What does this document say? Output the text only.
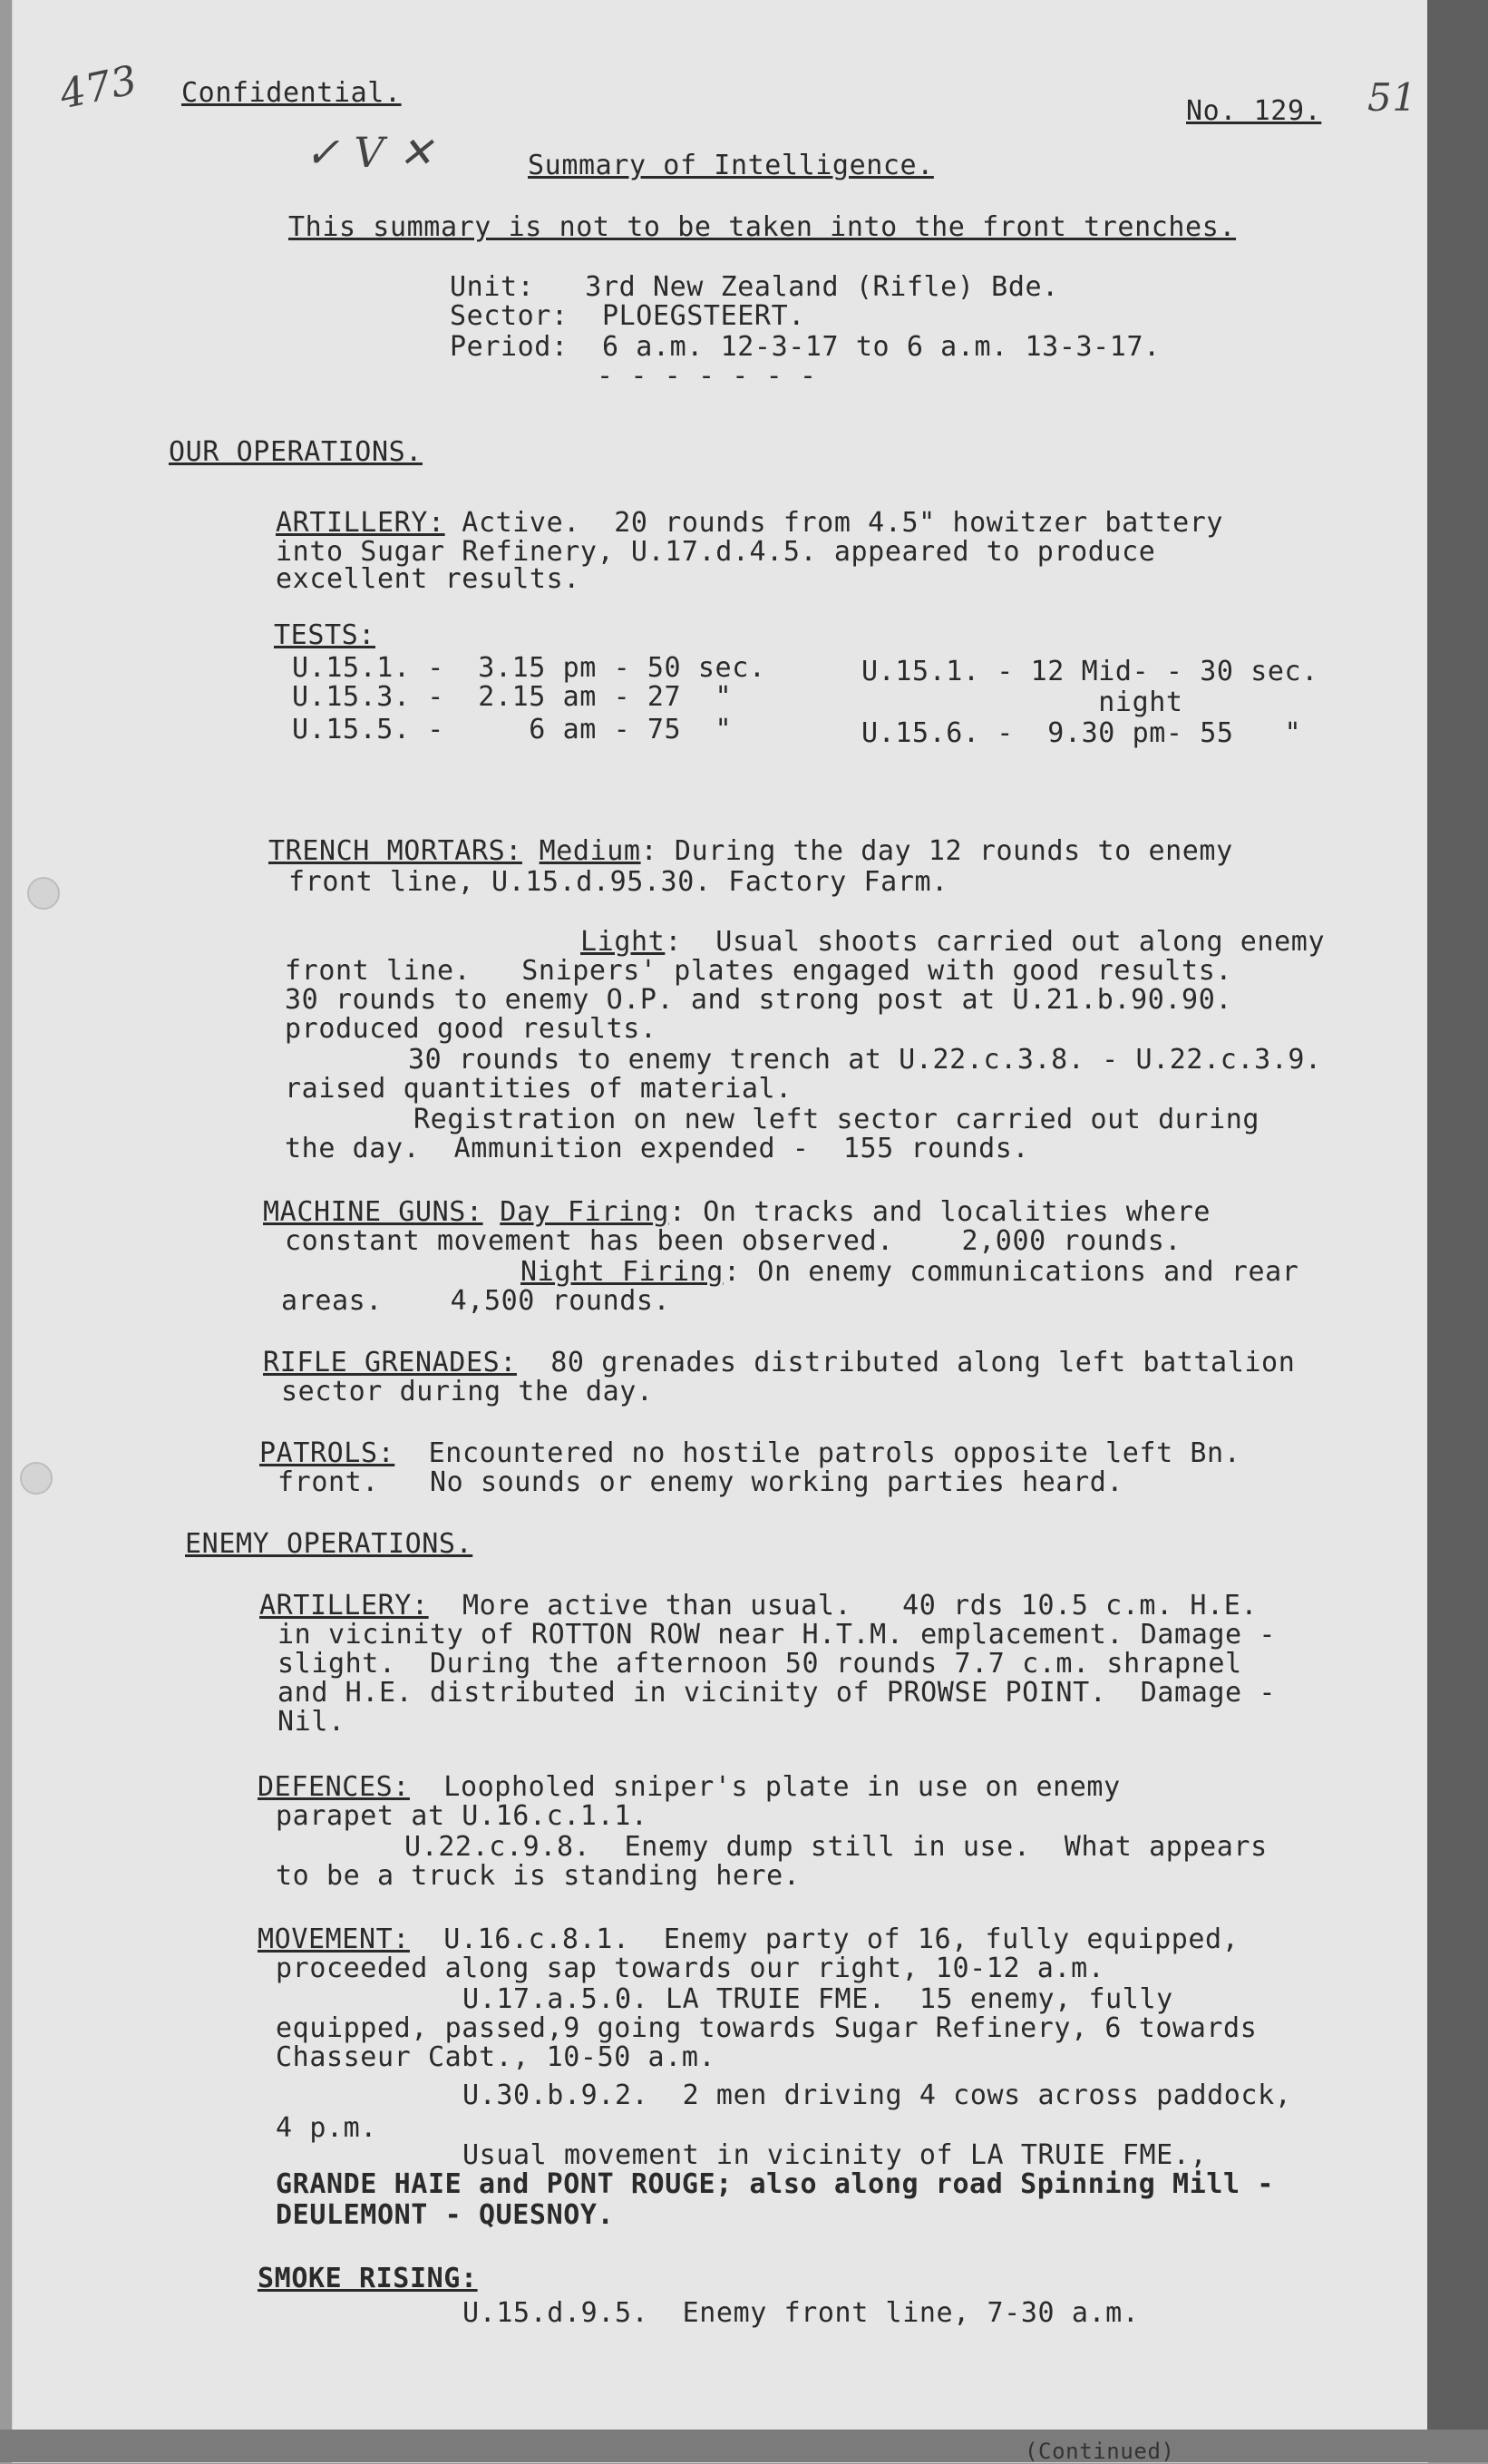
473	51
✓ V ✕
Confidential.
No. 129.
Summary of Intelligence.
This summary is not to be taken into the front trenches.
Unit:   3rd New Zealand (Rifle) Bde.
Sector:  PLOEGSTEERT.
Period:  6 a.m. 12-3-17 to 6 a.m. 13-3-17.
- - - - - - -
OUR OPERATIONS.
ARTILLERY: Active.  20 rounds from 4.5" howitzer battery
into Sugar Refinery, U.17.d.4.5. appeared to produce
excellent results.
TESTS:
U.15.1. -  3.15 pm - 50 sec.
U.15.3. -  2.15 am - 27  "
U.15.5. -     6 am - 75  "
U.15.1. - 12 Mid- - 30 sec.
night
U.15.6. -  9.30 pm- 55   "
TRENCH MORTARS: Medium: During the day 12 rounds to enemy
front line, U.15.d.95.30. Factory Farm.
Light:  Usual shoots carried out along enemy
front line.   Snipers' plates engaged with good results.
30 rounds to enemy O.P. and strong post at U.21.b.90.90.
produced good results.
30 rounds to enemy trench at U.22.c.3.8. - U.22.c.3.9.
raised quantities of material.
Registration on new left sector carried out during
the day.  Ammunition expended -  155 rounds.
MACHINE GUNS: Day Firing: On tracks and localities where
constant movement has been observed.    2,000 rounds.
Night Firing: On enemy communications and rear
areas.    4,500 rounds.
RIFLE GRENADES:  80 grenades distributed along left battalion
sector during the day.
PATROLS:  Encountered no hostile patrols opposite left Bn.
front.   No sounds or enemy working parties heard.
ENEMY OPERATIONS.
ARTILLERY:  More active than usual.   40 rds 10.5 c.m. H.E.
in vicinity of ROTTON ROW near H.T.M. emplacement. Damage -
slight.  During the afternoon 50 rounds 7.7 c.m. shrapnel
and H.E. distributed in vicinity of PROWSE POINT.  Damage -
Nil.
DEFENCES:  Loopholed sniper's plate in use on enemy
parapet at U.16.c.1.1.
U.22.c.9.8.  Enemy dump still in use.  What appears
to be a truck is standing here.
MOVEMENT:  U.16.c.8.1.  Enemy party of 16, fully equipped,
proceeded along sap towards our right, 10-12 a.m.
U.17.a.5.0. LA TRUIE FME.  15 enemy, fully
equipped, passed,9 going towards Sugar Refinery, 6 towards
Chasseur Cabt., 10-50 a.m.
U.30.b.9.2.  2 men driving 4 cows across paddock,
4 p.m.
Usual movement in vicinity of LA TRUIE FME.,
GRANDE HAIE and PONT ROUGE; also along road Spinning Mill -
DEULEMONT - QUESNOY.
SMOKE RISING:
U.15.d.9.5.  Enemy front line, 7-30 a.m.
(Continued)
